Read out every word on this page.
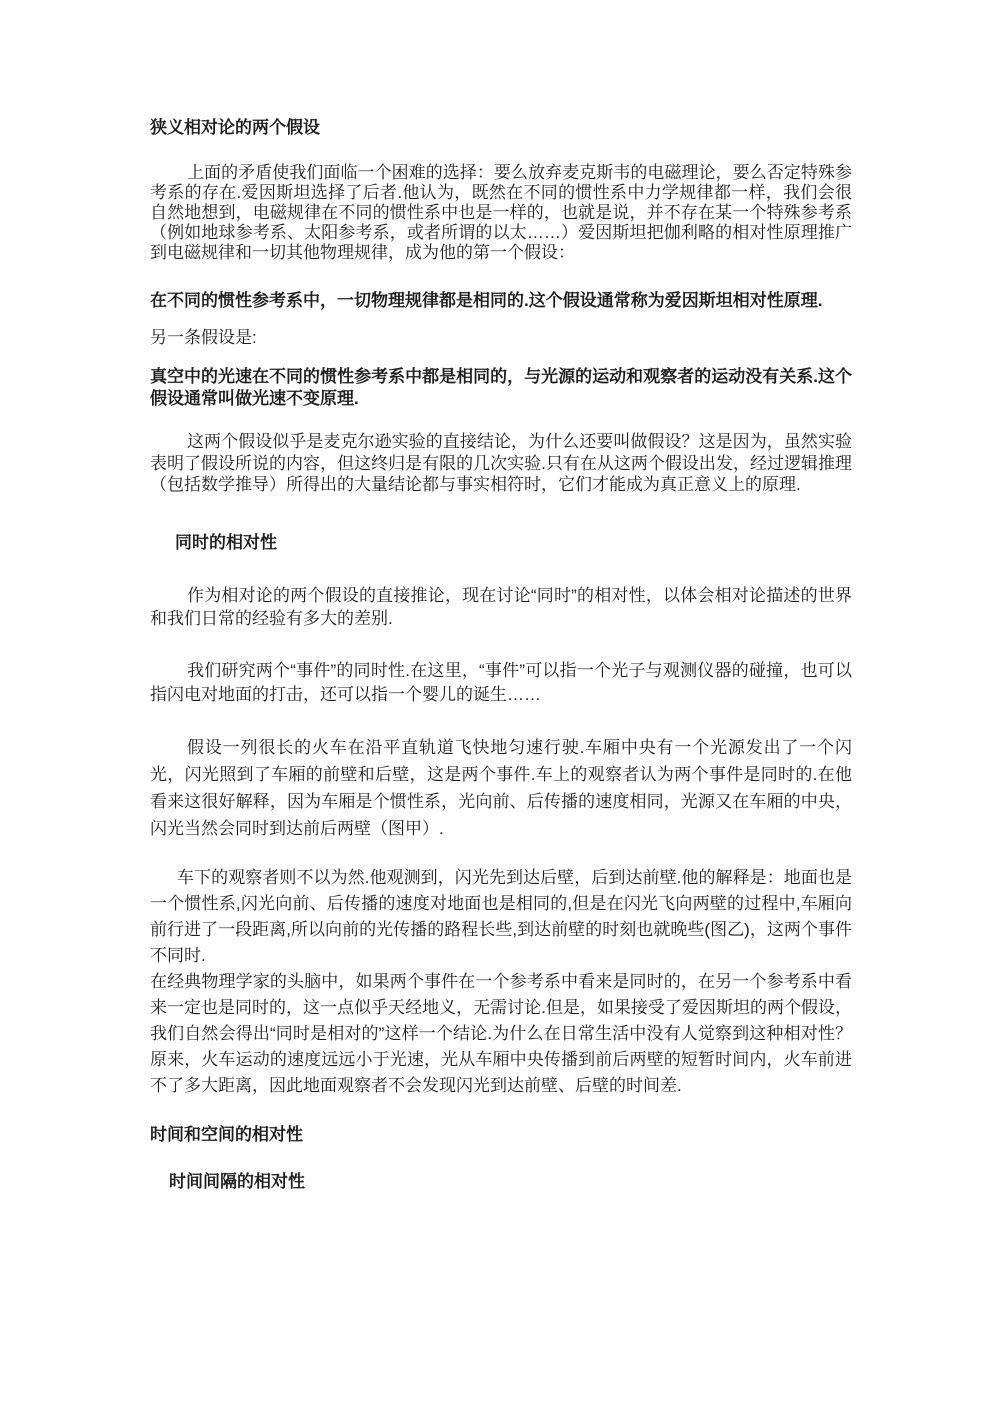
狭义相对论的两个假设

上面的矛盾使我们面临一个困难的选择：要么放弃麦克斯韦的电磁理论，要么否定特殊参考系的存在.爱因斯坦选择了后者.他认为，既然在不同的惯性系中力学规律都一样，我们会很自然地想到，电磁规律在不同的惯性系中也是一样的，也就是说，并不存在某一个特殊参考系（例如地球参考系、太阳参考系，或者所谓的以太……）爱因斯坦把伽利略的相对性原理推广到电磁规律和一切其他物理规律，成为他的第一个假设：

在不同的惯性参考系中，一切物理规律都是相同的.这个假设通常称为爱因斯坦相对性原理.

另一条假设是:

真空中的光速在不同的惯性参考系中都是相同的，与光源的运动和观察者的运动没有关系.这个假设通常叫做光速不变原理.

这两个假设似乎是麦克尔逊实验的直接结论，为什么还要叫做假设？这是因为，虽然实验表明了假设所说的内容，但这终归是有限的几次实验.只有在从这两个假设出发，经过逻辑推理（包括数学推导）所得出的大量结论都与事实相符时，它们才能成为真正意义上的原理.

同时的相对性

作为相对论的两个假设的直接推论，现在讨论“同时”的相对性，以体会相对论描述的世界和我们日常的经验有多大的差别.

我们研究两个“事件”的同时性.在这里，“事件”可以指一个光子与观测仪器的碰撞，也可以指闪电对地面的打击，还可以指一个婴儿的诞生……

假设一列很长的火车在沿平直轨道飞快地匀速行驶.车厢中央有一个光源发出了一个闪光，闪光照到了车厢的前壁和后壁，这是两个事件.车上的观察者认为两个事件是同时的.在他看来这很好解释，因为车厢是个惯性系，光向前、后传播的速度相同，光源又在车厢的中央，闪光当然会同时到达前后两壁（图甲）.

车下的观察者则不以为然.他观测到，闪光先到达后壁，后到达前壁.他的解释是：地面也是一个惯性系,闪光向前、后传播的速度对地面也是相同的,但是在闪光飞向两壁的过程中,车厢向前行进了一段距离,所以向前的光传播的路程长些,到达前壁的时刻也就晚些(图乙)，这两个事件不同时.

在经典物理学家的头脑中，如果两个事件在一个参考系中看来是同时的，在另一个参考系中看来一定也是同时的，这一点似乎天经地义，无需讨论.但是，如果接受了爱因斯坦的两个假设，我们自然会得出“同时是相对的”这样一个结论.为什么在日常生活中没有人觉察到这种相对性？原来，火车运动的速度远远小于光速，光从车厢中央传播到前后两壁的短暂时间内，火车前进不了多大距离，因此地面观察者不会发现闪光到达前壁、后壁的时间差.

时间和空间的相对性
时间间隔的相对性
